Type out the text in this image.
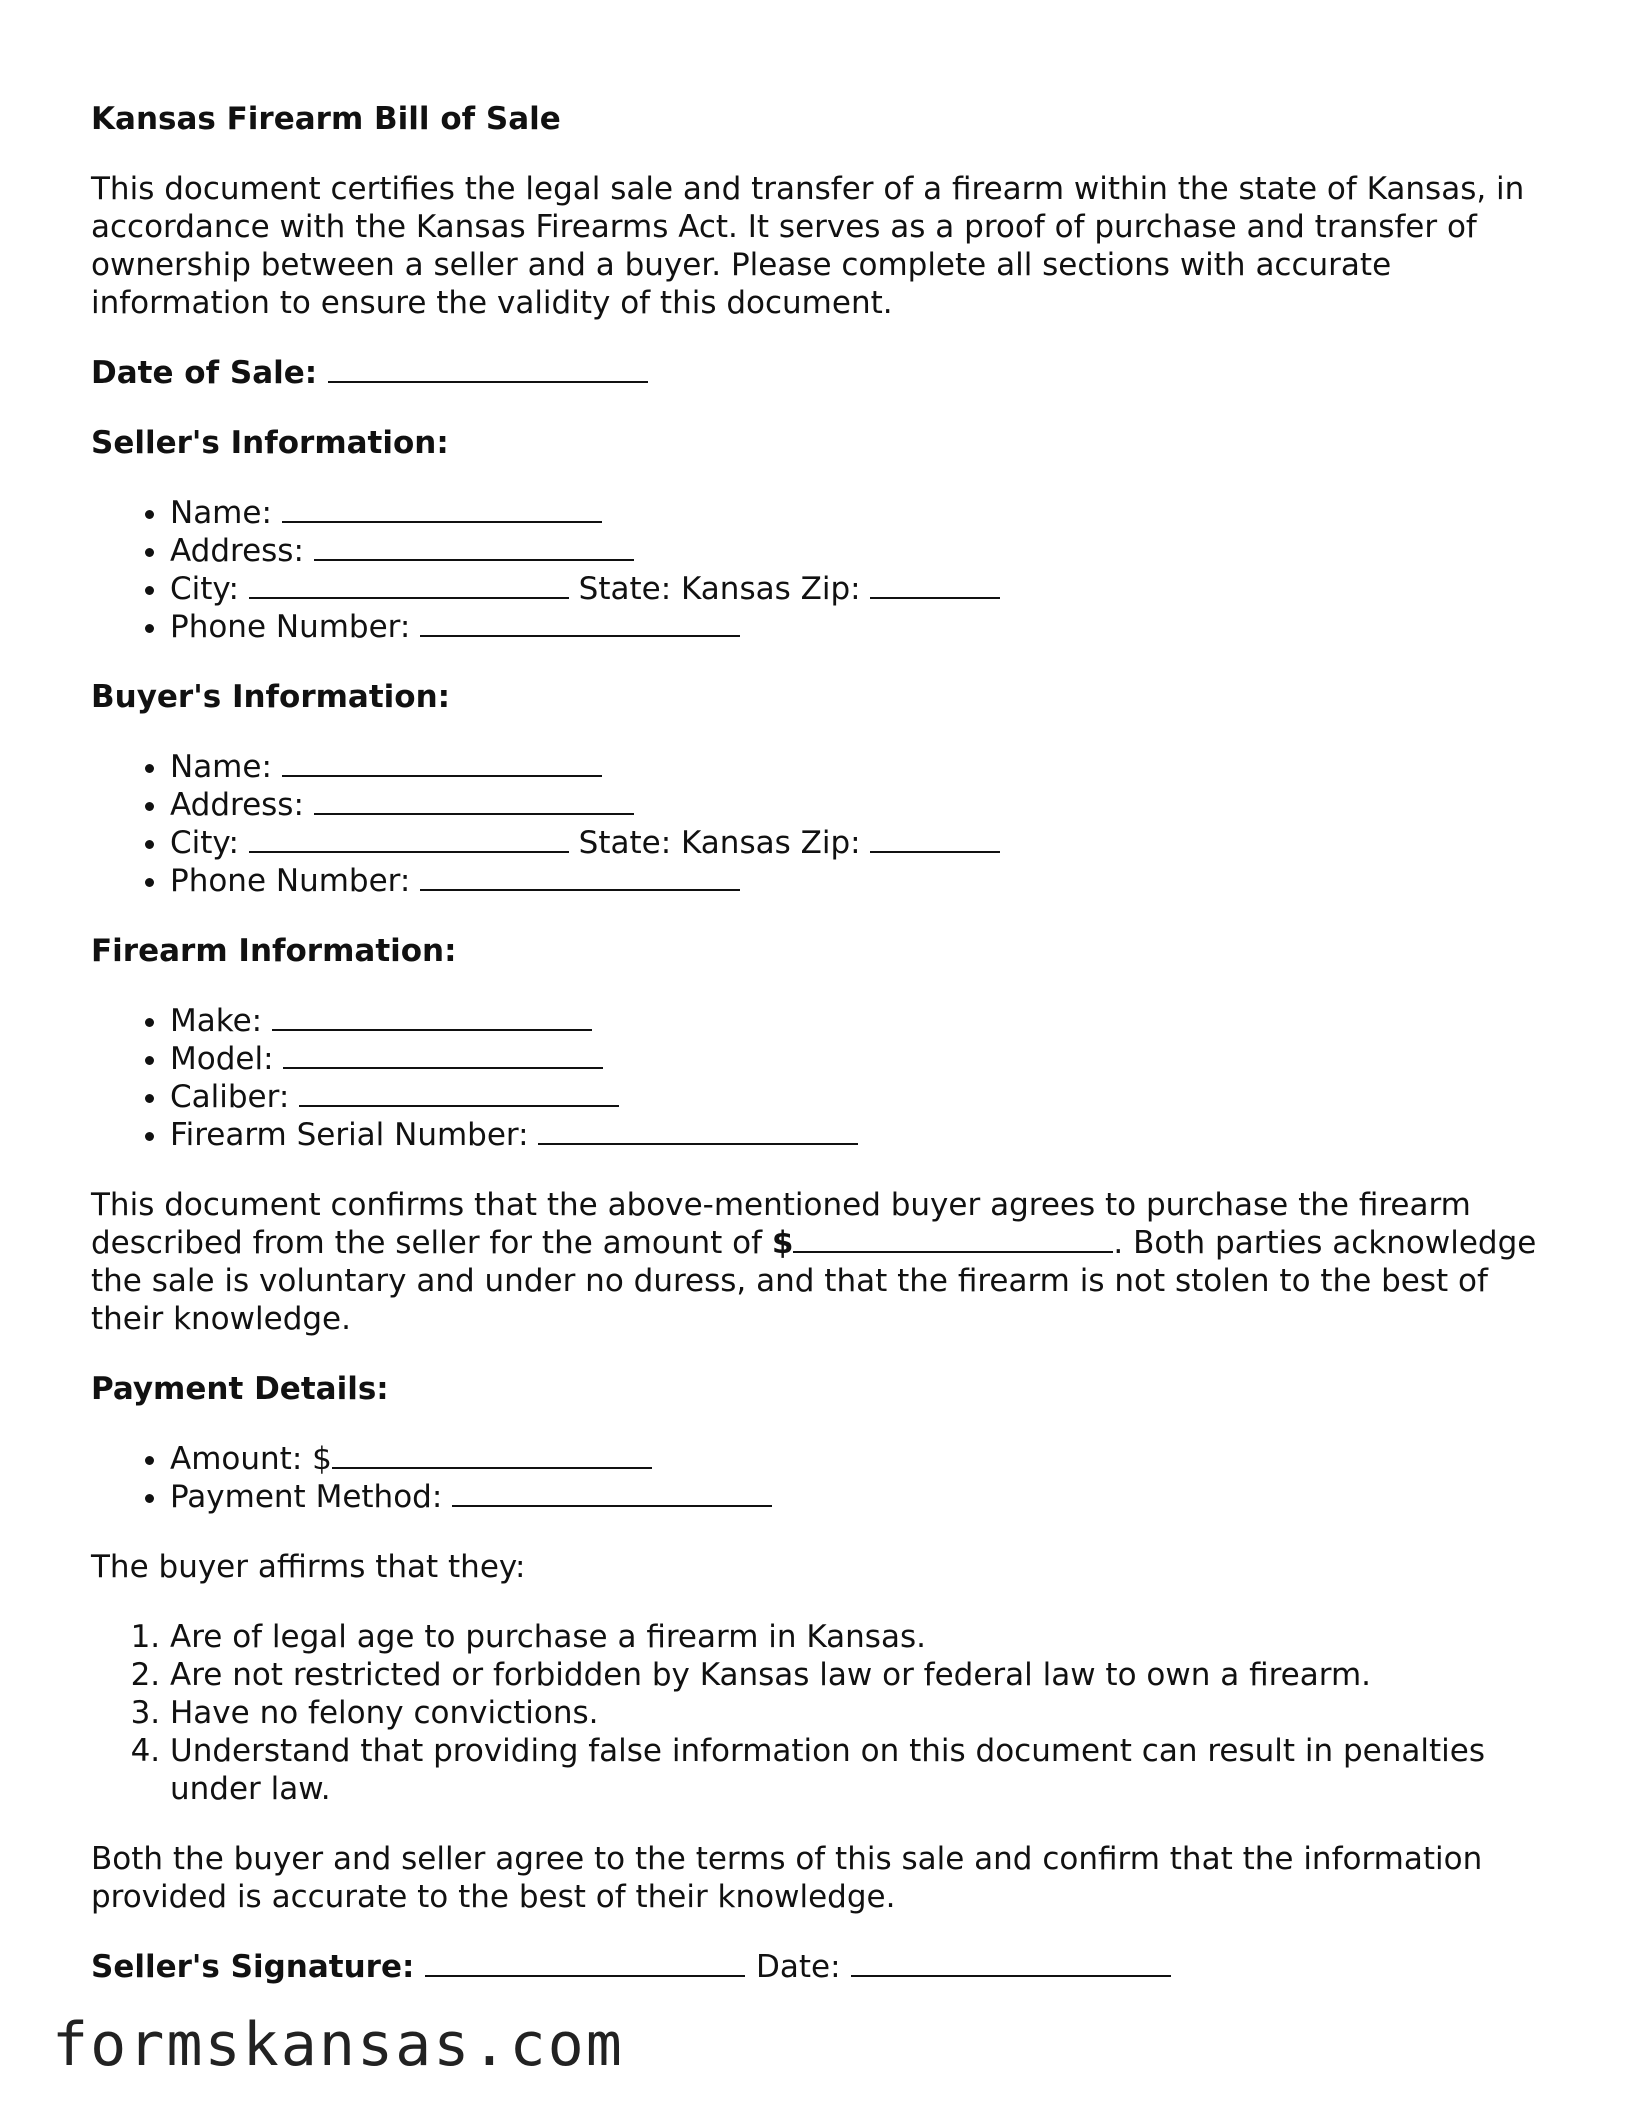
Kansas Firearm Bill of Sale

This document certifies the legal sale and transfer of a firearm within the state of Kansas, in accordance with the Kansas Firearms Act. It serves as a proof of purchase and transfer of ownership between a seller and a buyer. Please complete all sections with accurate information to ensure the validity of this document.

Date of Sale:
Seller's Information:
• Name:
• Address:
• City:	State: Kansas Zip:
• Phone Number:
Buyer's Information:
• Name:
• Address:
• City:	State: Kansas Zip:
• Phone Number:
Firearm Information:
• Make:
• Model:
• Caliber:
• Firearm Serial Number:

This document confirms that the above-mentioned buyer agrees to purchase the firearm described from the seller for the amount of $	. Both parties acknowledge the sale is voluntary and under no duress, and that the firearm is not stolen to the best of their knowledge.

Payment Details:
• Amount: $
• Payment Method:

The buyer affirms that they:

1. Are of legal age to purchase a firearm in Kansas.
2. Are not restricted or forbidden by Kansas law or federal law to own a firearm.
3. Have no felony convictions.
4. Understand that providing false information on this document can result in penalties under law.

Both the buyer and seller agree to the terms of this sale and confirm that the information provided is accurate to the best of their knowledge.

Seller's Signature:	Date:
formskansas.com
